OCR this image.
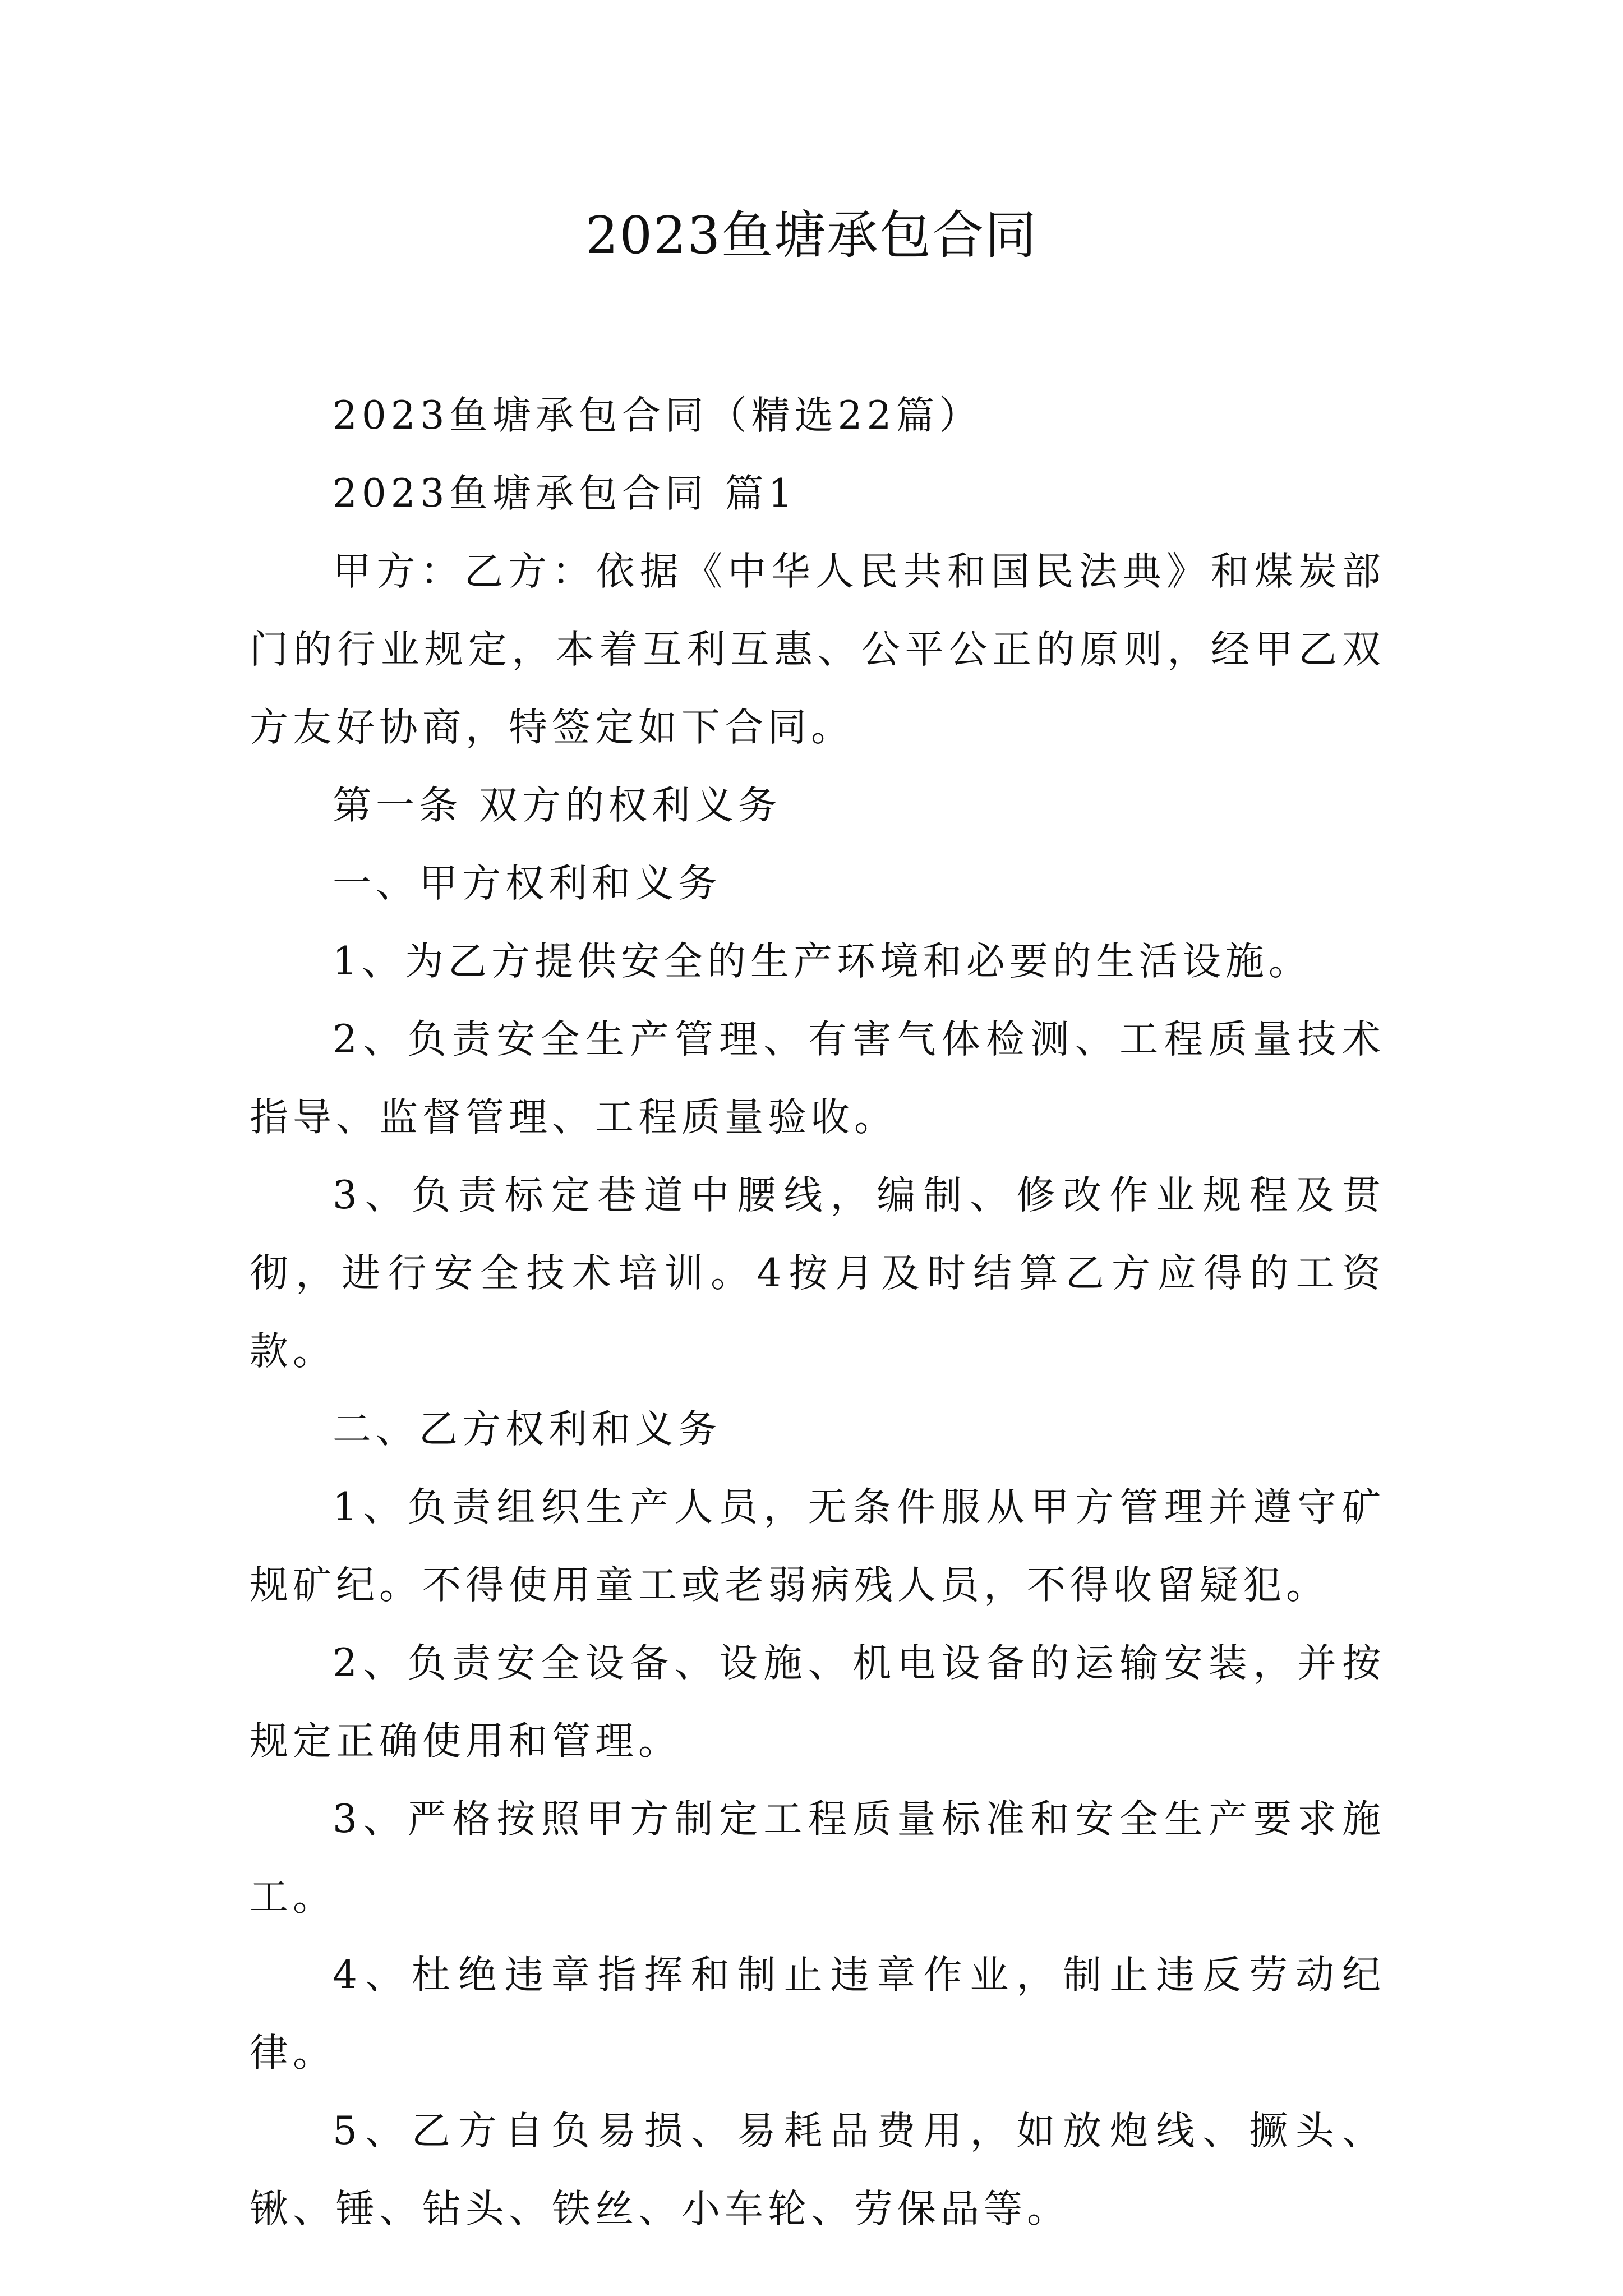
2023鱼塘承包合同

2023鱼塘承包合同（精选22篇）

2023鱼塘承包合同 篇1

甲方：乙方：依据《中华人民共和国民法典》和煤炭部门的行业规定，本着互利互惠、公平公正的原则，经甲乙双方友好协商，特签定如下合同。

第一条 双方的权利义务

一、甲方权利和义务

1、为乙方提供安全的生产环境和必要的生活设施。

2、负责安全生产管理、有害气体检测、工程质量技术指导、监督管理、工程质量验收。

3、负责标定巷道中腰线，编制、修改作业规程及贯彻，进行安全技术培训。4按月及时结算乙方应得的工资款。

二、乙方权利和义务

1、负责组织生产人员，无条件服从甲方管理并遵守矿规矿纪。不得使用童工或老弱病残人员，不得收留疑犯。

2、负责安全设备、设施、机电设备的运输安装，并按规定正确使用和管理。

3、严格按照甲方制定工程质量标准和安全生产要求施工。

4、杜绝违章指挥和制止违章作业，制止违反劳动纪律。

5、乙方自负易损、易耗品费用，如放炮线、撅头、锹、锤、钻头、铁丝、小车轮、劳保品等。
